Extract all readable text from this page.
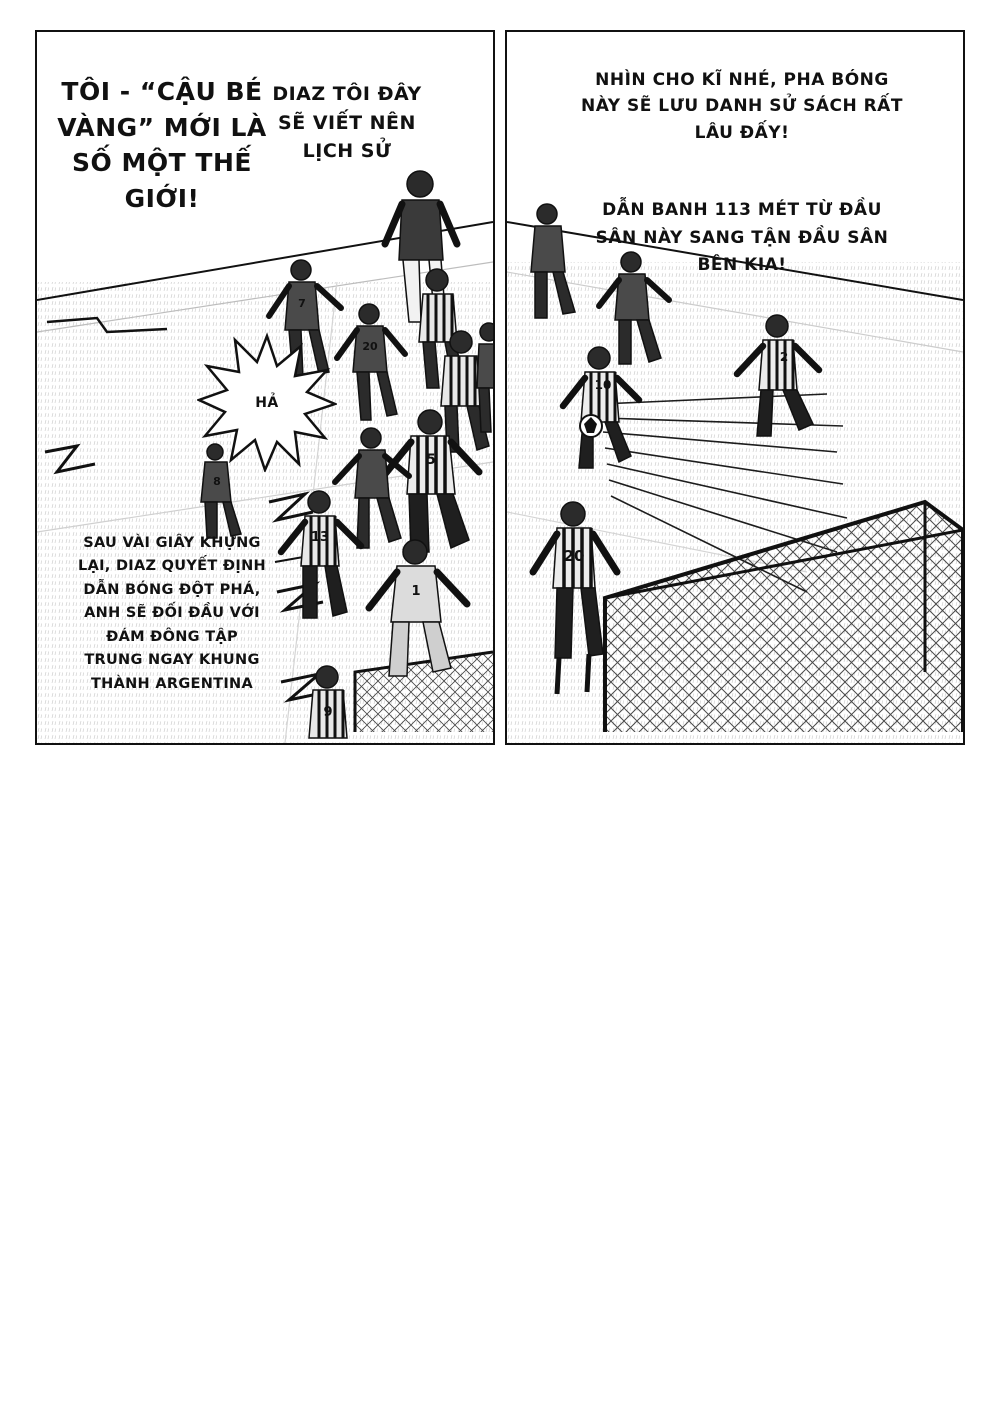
TÔI - “CẬU BÉ VÀNG” MỚI LÀ SỐ MỘT THẾ GIỚI!
DIAZ TÔI ĐÂY SẼ VIẾT NÊN LỊCH SỬ
HẢ
SAU VÀI GIÂY KHỰNG LẠI, DIAZ QUYẾT ĐỊNH DẪN BÓNG ĐỘT PHÁ, ANH SẼ ĐỐI ĐẦU VỚI ĐÁM ĐÔNG TẬP TRUNG NGAY KHUNG THÀNH ARGENTINA
7
20
5
8
13
1
9
NHÌN CHO KĨ NHÉ, PHA BÓNG NÀY SẼ LƯU DANH SỬ SÁCH RẤT LÂU ĐẤY!
DẪN BANH 113 MÉT TỪ ĐẦU SÂN NÀY SANG TẬN ĐẦU SÂN BÊN KIA!
10
2
20
